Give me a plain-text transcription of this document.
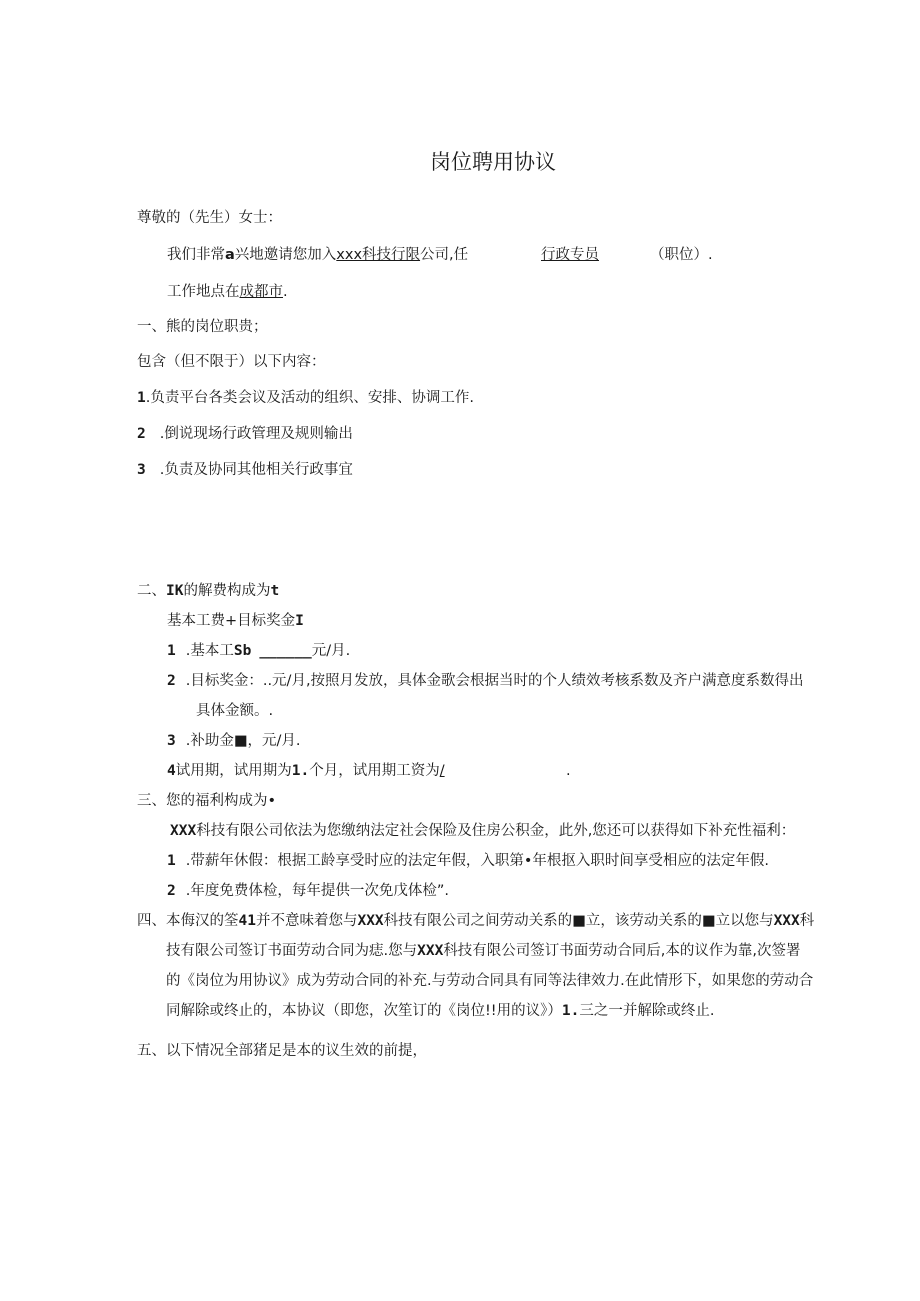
岗位聘用协议
尊敬的（先生）女士：
我们非常a兴地邀请您加入xxx科技行限公司,任	行政专员	（职位）.
工作地点在成都市.
一、熊的岗位职贵；
包含（但不限于）以下内容：
1.负责平台各类会议及活动的组织、安排、协调工作.
2 .倒说现场行政管理及规则输出
3 .负责及协同其他相关行政事宜
二、IK的解费构成为t
基本工费+目标奖金I
1 .基本工Sb ______元/月.
2 .目标奖金：..元/月,按照月发放，具体金歌会根据当时的个人绩效考核系数及齐户满意度系数得出
具体金额。.
3 .补助金■，元/月.
4试用期，试用期为1.个月，试用期工资为/	.
三、您的福利构成为•
XXX科技有限公司依法为您缴纳法定社会保险及住房公积金，此外,您还可以获得如下补充性福利：
1 .带薪年休假：根据工龄享受时应的法定年假，入职第•年根抠入职时间享受相应的法定年假.
2 .年度免费体检，每年提供一次免戊体检”.
四、本侮汉的筌41并不意味着您与XXX科技有限公司之间劳动关系的■立，该劳动关系的■立以您与XXX科
技有限公司签订书面劳动合同为痣.您与XXX科技有限公司签订书面劳动合同后,本的议作为靠,次签署
的《岗位为用协议》成为劳动合同的补充.与劳动合同具有同等法律效力.在此情形下，如果您的劳动合
同解除或终止的，本协议（即您，次笙订的《岗位!!用的议》）1.三之一并解除或终止.
五、以下情况全部猪足是本的议生效的前提，
